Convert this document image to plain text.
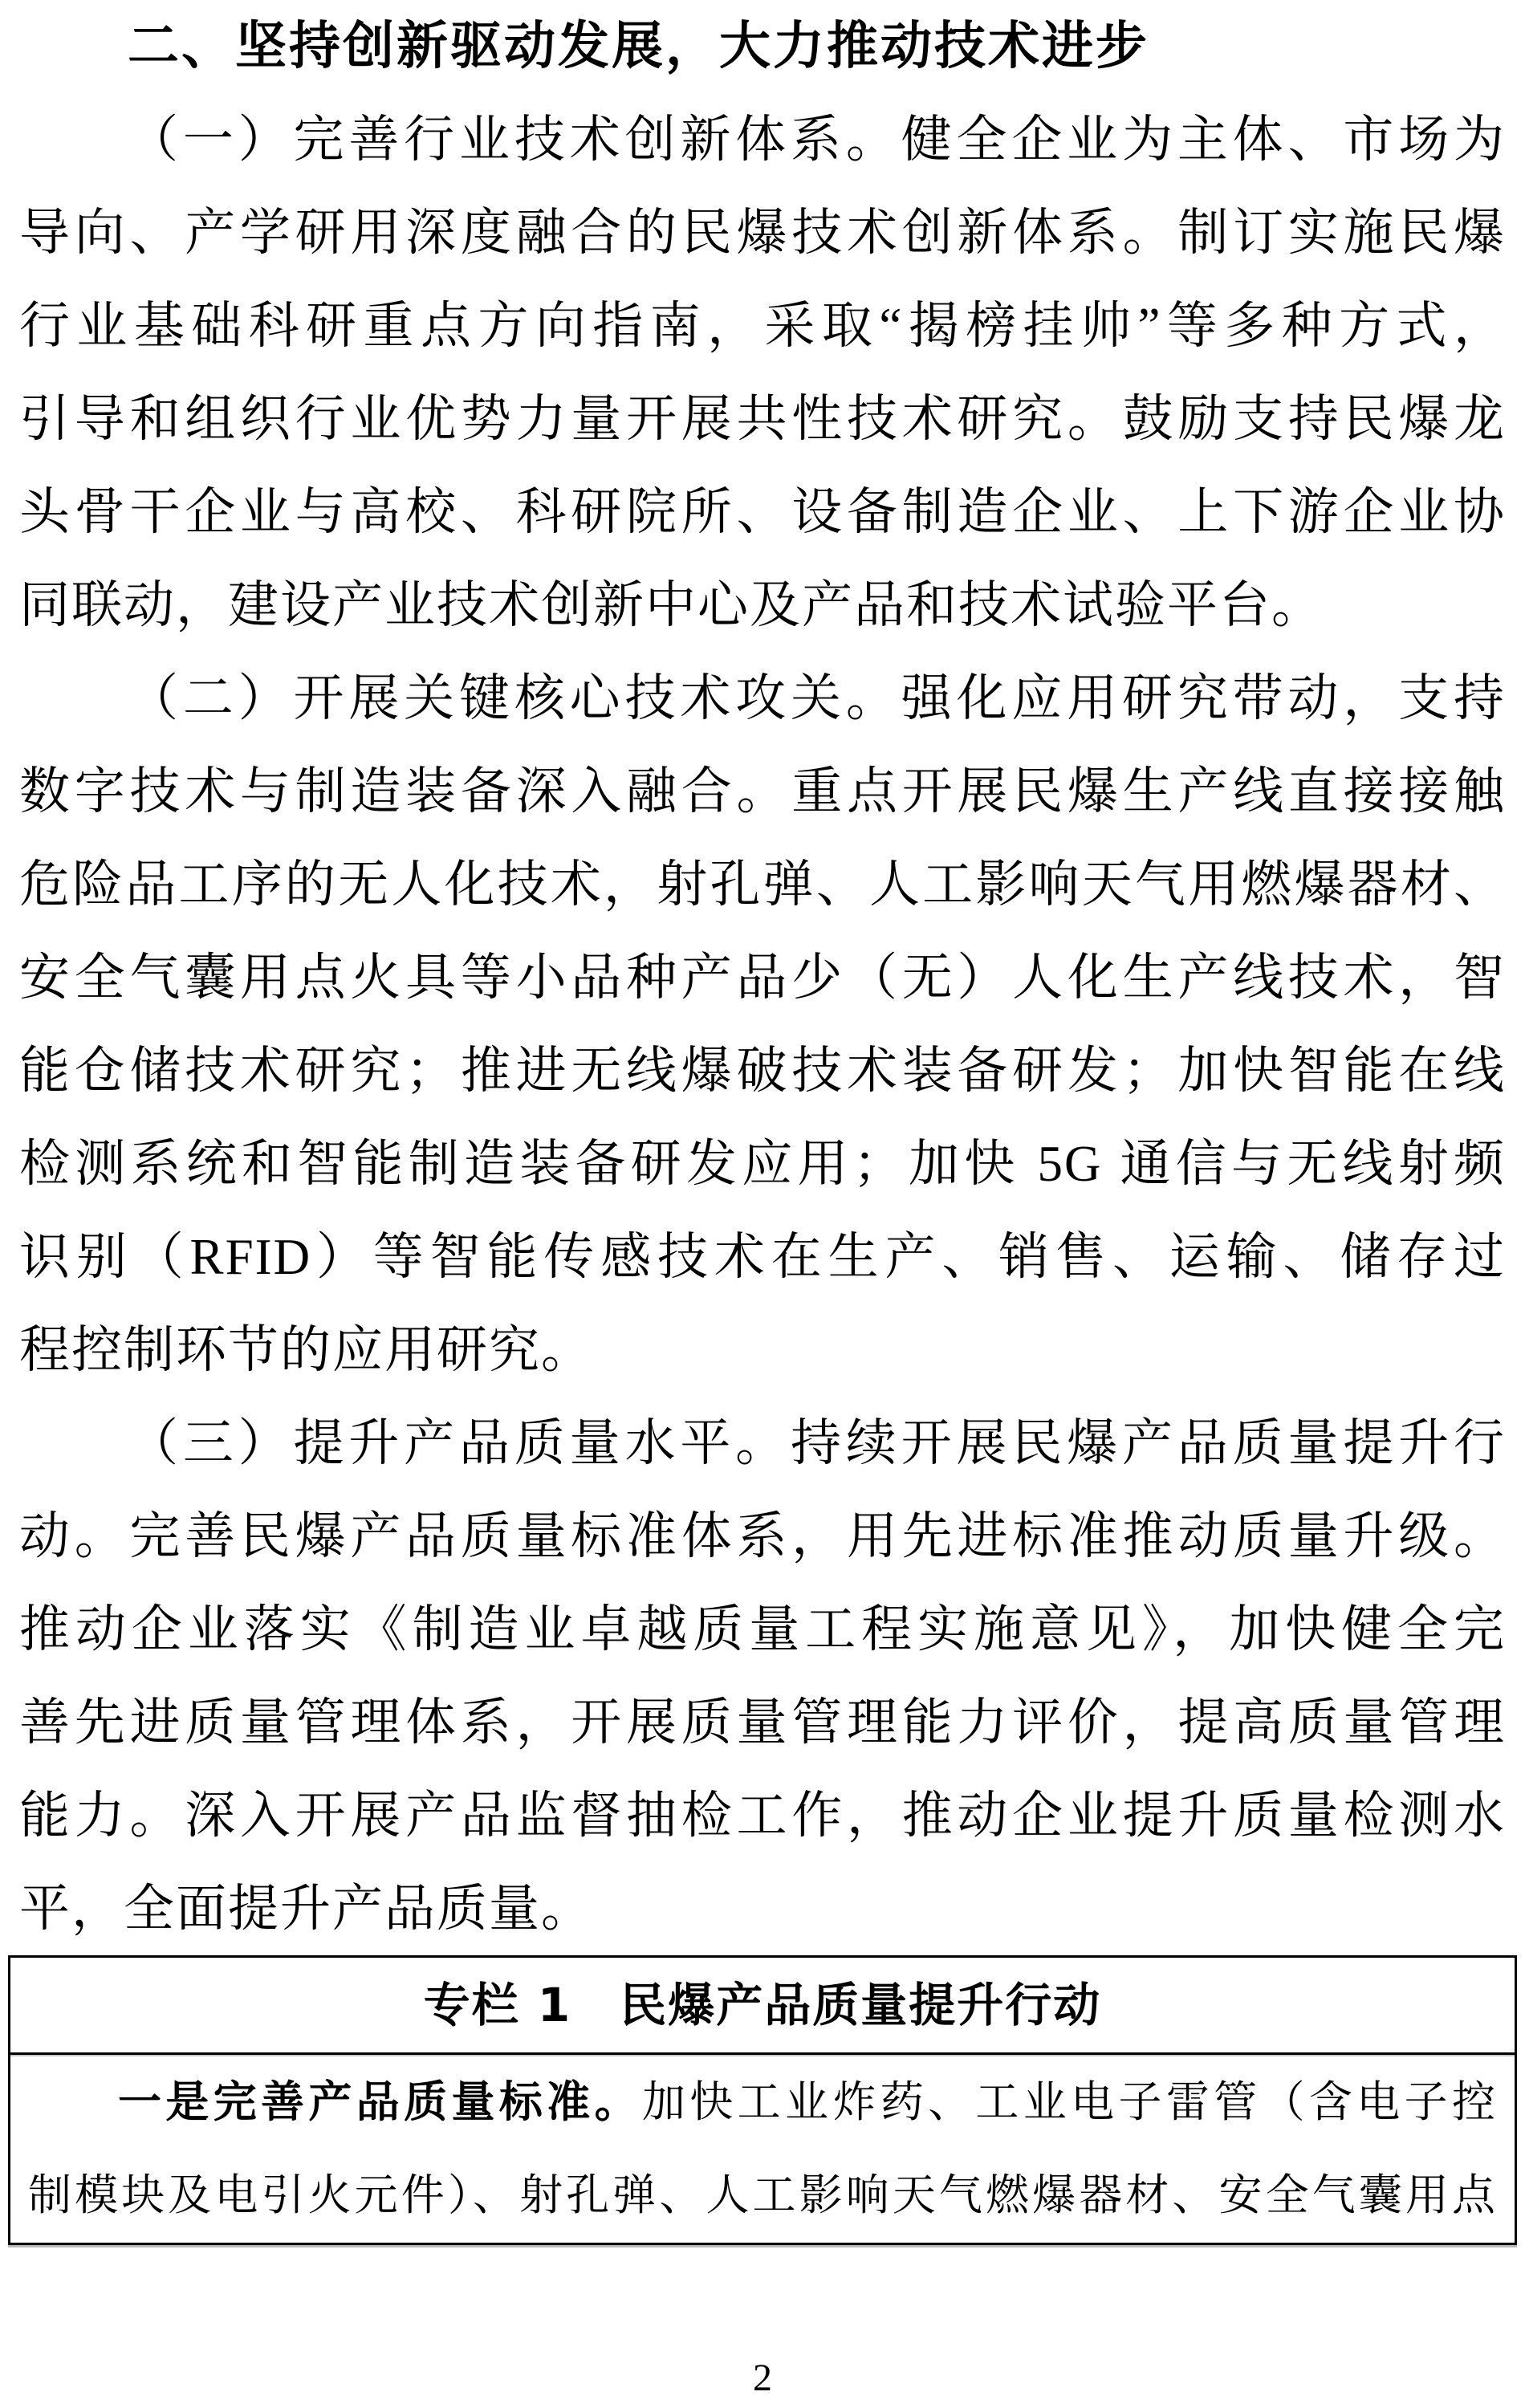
二、坚持创新驱动发展，大力推动技术进步
（一）完善行业技术创新体系。健全企业为主体、市场为
导向、产学研用深度融合的民爆技术创新体系。制订实施民爆
行业基础科研重点方向指南，采取“揭榜挂帅”等多种方式，
引导和组织行业优势力量开展共性技术研究。鼓励支持民爆龙
头骨干企业与高校、科研院所、设备制造企业、上下游企业协
同联动，建设产业技术创新中心及产品和技术试验平台。
（二）开展关键核心技术攻关。强化应用研究带动，支持
数字技术与制造装备深入融合。重点开展民爆生产线直接接触
危险品工序的无人化技术，射孔弹、人工影响天气用燃爆器材、
安全气囊用点火具等小品种产品少（无）人化生产线技术，智
能仓储技术研究；推进无线爆破技术装备研发；加快智能在线
检测系统和智能制造装备研发应用；加快 5G 通信与无线射频
识别（RFID）等智能传感技术在生产、销售、运输、储存过
程控制环节的应用研究。
（三）提升产品质量水平。持续开展民爆产品质量提升行
动。完善民爆产品质量标准体系，用先进标准推动质量升级。
推动企业落实《制造业卓越质量工程实施意见》，加快健全完
善先进质量管理体系，开展质量管理能力评价，提高质量管理
能力。深入开展产品监督抽检工作，推动企业提升质量检测水
平，全面提升产品质量。
专栏 1　民爆产品质量提升行动
一是完善产品质量标准。加快工业炸药、工业电子雷管（含电子控
制模块及电引火元件）、射孔弹、人工影响天气燃爆器材、安全气囊用点
2
